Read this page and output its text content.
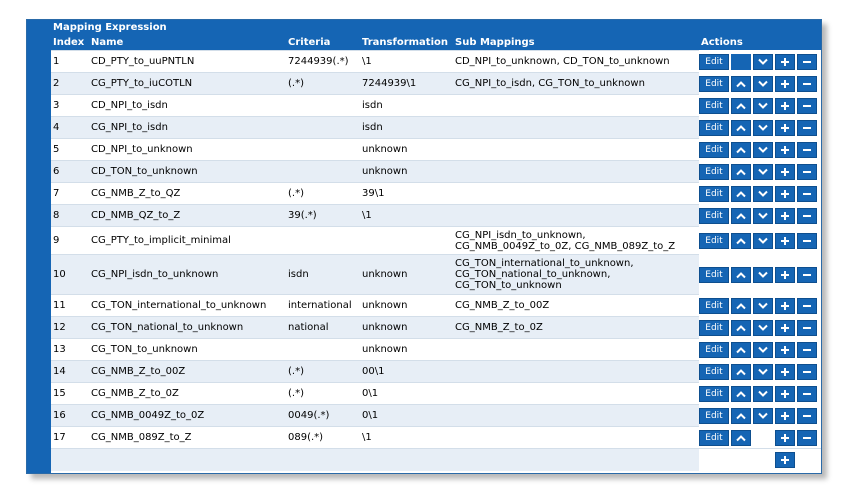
Mapping Expression					
Index	Name	Criteria	Transformation	Sub Mappings	Actions
1	CD_PTY_to_uuPNTLN	7244939(.*)	\1	CD_NPI_to_unknown, CD_TON_to_unknown	Edit

2	CG_PTY_to_iuCOTLN	(.*)	7244939\1	CG_NPI_to_isdn, CG_TON_to_unknown	Edit

3	CD_NPI_to_isdn		isdn		Edit

4	CG_NPI_to_isdn		isdn		Edit

5	CD_NPI_to_unknown		unknown		Edit

6	CD_TON_to_unknown		unknown		Edit

7	CG_NMB_Z_to_QZ	(.*)	39\1		Edit

8	CD_NMB_QZ_to_Z	39(.*)	\1		Edit

9	CG_PTY_to_implicit_minimal			CG_NPI_isdn_to_unknown,
CG_NMB_0049Z_to_0Z, CG_NMB_089Z_to_Z	Edit

10	CG_NPI_isdn_to_unknown	isdn	unknown	CG_TON_international_to_unknown,
CG_TON_national_to_unknown,
CG_TON_to_unknown	Edit

11	CG_TON_international_to_unknown	international	unknown	CG_NMB_Z_to_00Z	Edit

12	CG_TON_national_to_unknown	national	unknown	CG_NMB_Z_to_0Z	Edit

13	CG_TON_to_unknown		unknown		Edit

14	CG_NMB_Z_to_00Z	(.*)	00\1		Edit

15	CG_NMB_Z_to_0Z	(.*)	0\1		Edit

16	CG_NMB_0049Z_to_0Z	0049(.*)	0\1		Edit

17	CG_NMB_089Z_to_Z	089(.*)	\1		Edit
